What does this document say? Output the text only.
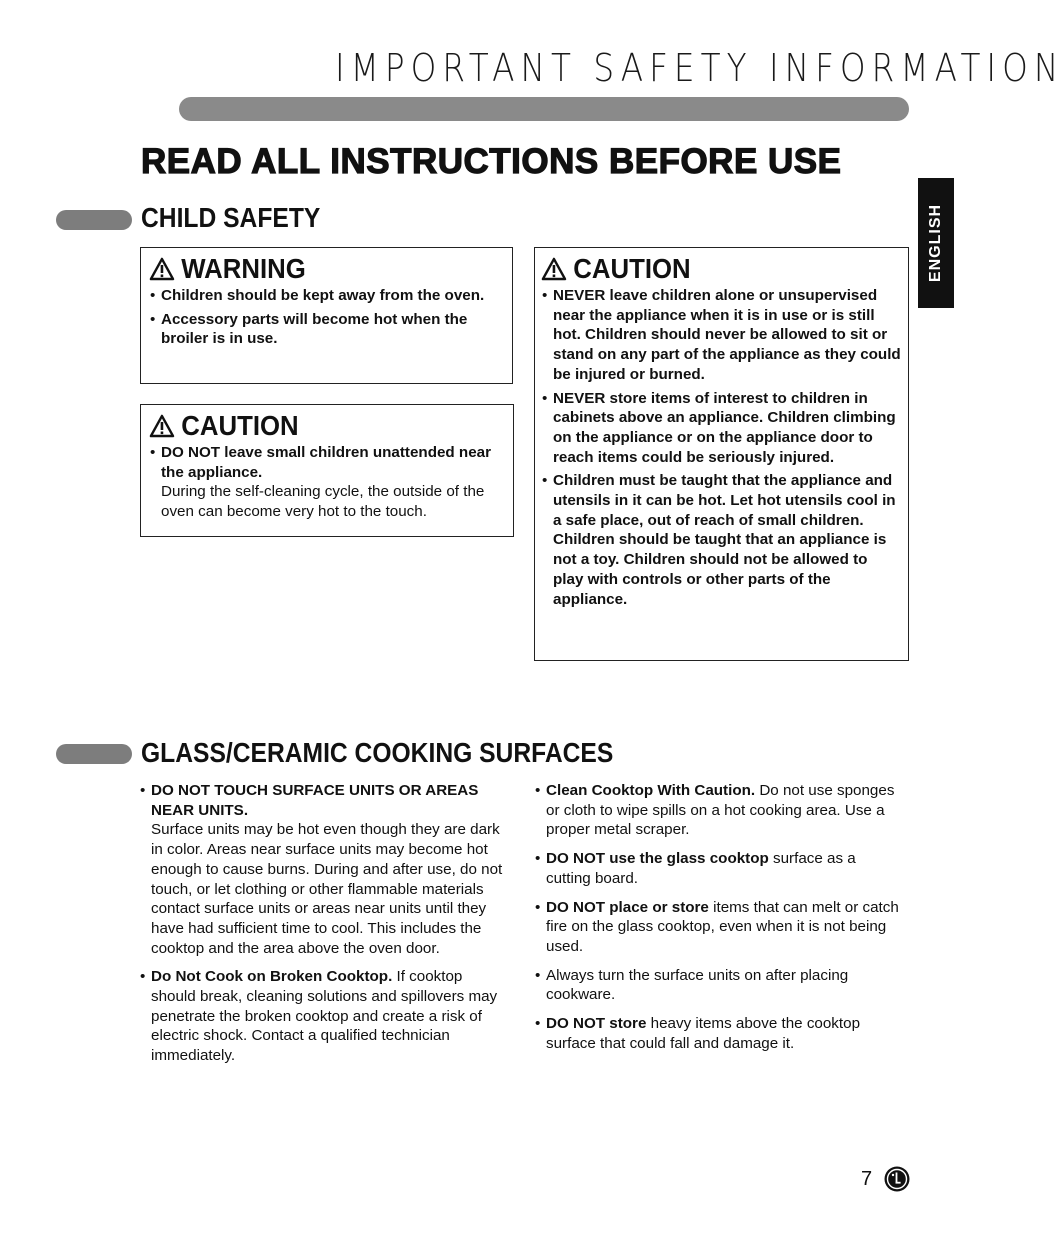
IMPORTANT SAFETY INFORMATION
READ ALL INSTRUCTIONS BEFORE USE
ENGLISH
CHILD SAFETY
WARNING
• Children should be kept away from the oven.
• Accessory parts will become hot when the broiler is in use.
CAUTION
• DO NOT leave small children unattended near the appliance.
During the self-cleaning cycle, the outside of the oven can become very hot to the touch.
CAUTION
• NEVER leave children alone or unsupervised near the appliance when it is in use or is still hot. Children should never be allowed to sit or stand on any part of the appliance as they could be injured or burned.
• NEVER store items of interest to children in cabinets above an appliance. Children climbing on the appliance or on the appliance door to reach items could be seriously injured.
• Children must be taught that the appliance and utensils in it can be hot. Let hot utensils cool in a safe place, out of reach of small children. Children should be taught that an appliance is not a toy. Children should not be allowed to play with controls or other parts of the appliance.
GLASS/CERAMIC COOKING SURFACES
• DO NOT TOUCH SURFACE UNITS OR AREAS NEAR UNITS.
Surface units may be hot even though they are dark in color. Areas near surface units may become hot enough to cause burns. During and after use, do not touch, or let clothing or other flammable materials contact surface units or areas near units until they have had sufficient time to cool. This includes the cooktop and the area above the oven door.
• Do Not Cook on Broken Cooktop. If cooktop should break, cleaning solutions and spillovers may penetrate the broken cooktop and create a risk of electric shock. Contact a qualified technician immediately.
• Clean Cooktop With Caution. Do not use sponges or cloth to wipe spills on a hot cooking area. Use a proper metal scraper.
• DO NOT use the glass cooktop surface as a cutting board.
• DO NOT place or store items that can melt or catch fire on the glass cooktop, even when it is not being used.
• Always turn the surface units on after placing cookware.
• DO NOT store heavy items above the cooktop surface that could fall and damage it.
7
